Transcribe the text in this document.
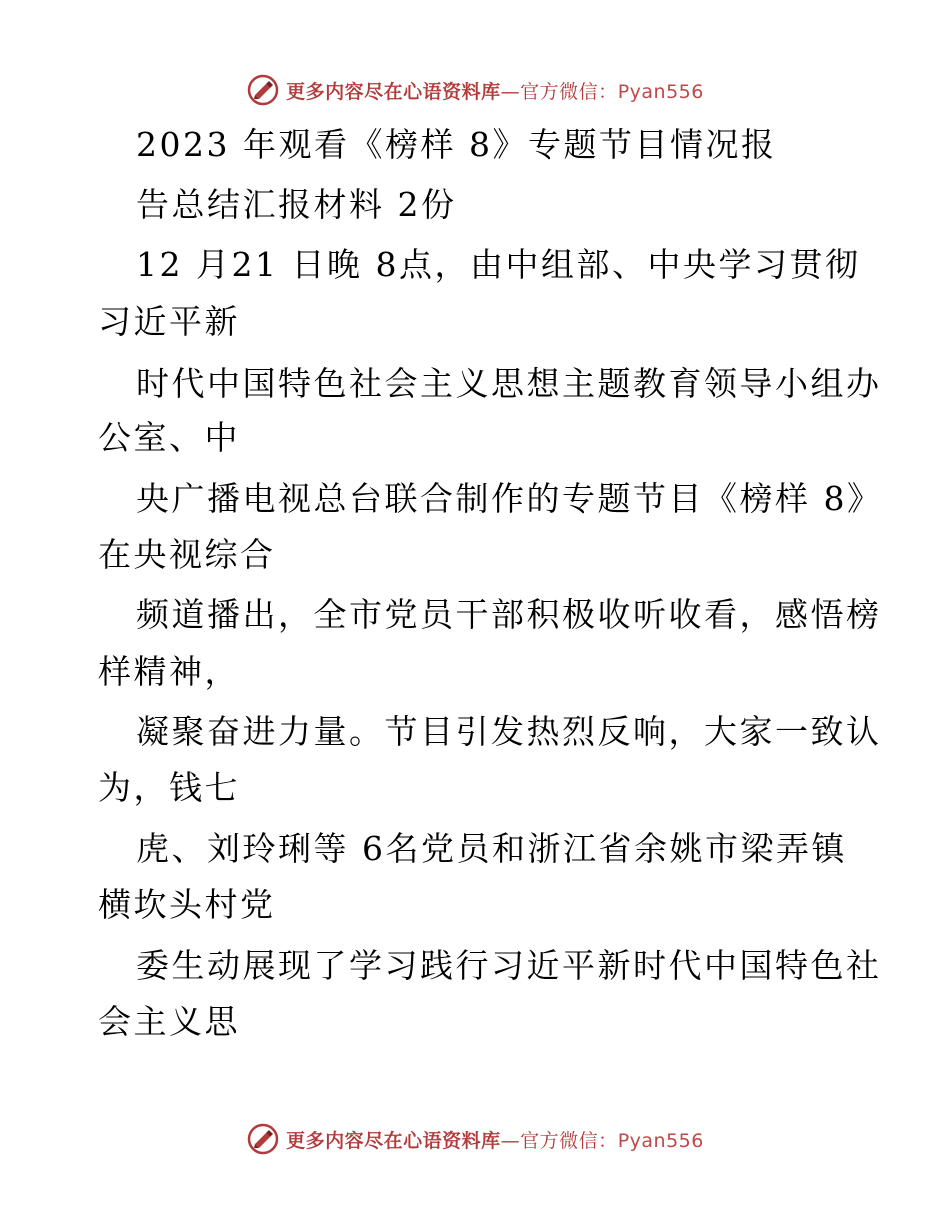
更多内容尽在心语资料库—官方微信：Pyan556
2023 年观看《榜样 8》专题节目情况报
告总结汇报材料 2份
12 月21 日晚 8点，由中组部、中央学习贯彻
习近平新
时代中国特色社会主义思想主题教育领导小组办
公室、中
央广播电视总台联合制作的专题节目《榜样 8》
在央视综合
频道播出，全市党员干部积极收听收看，感悟榜
样精神，
凝聚奋进力量。节目引发热烈反响，大家一致认
为，钱七
虎、刘玲琍等 6名党员和浙江省余姚市梁弄镇
横坎头村党
委生动展现了学习践行习近平新时代中国特色社
会主义思
更多内容尽在心语资料库—官方微信：Pyan556
